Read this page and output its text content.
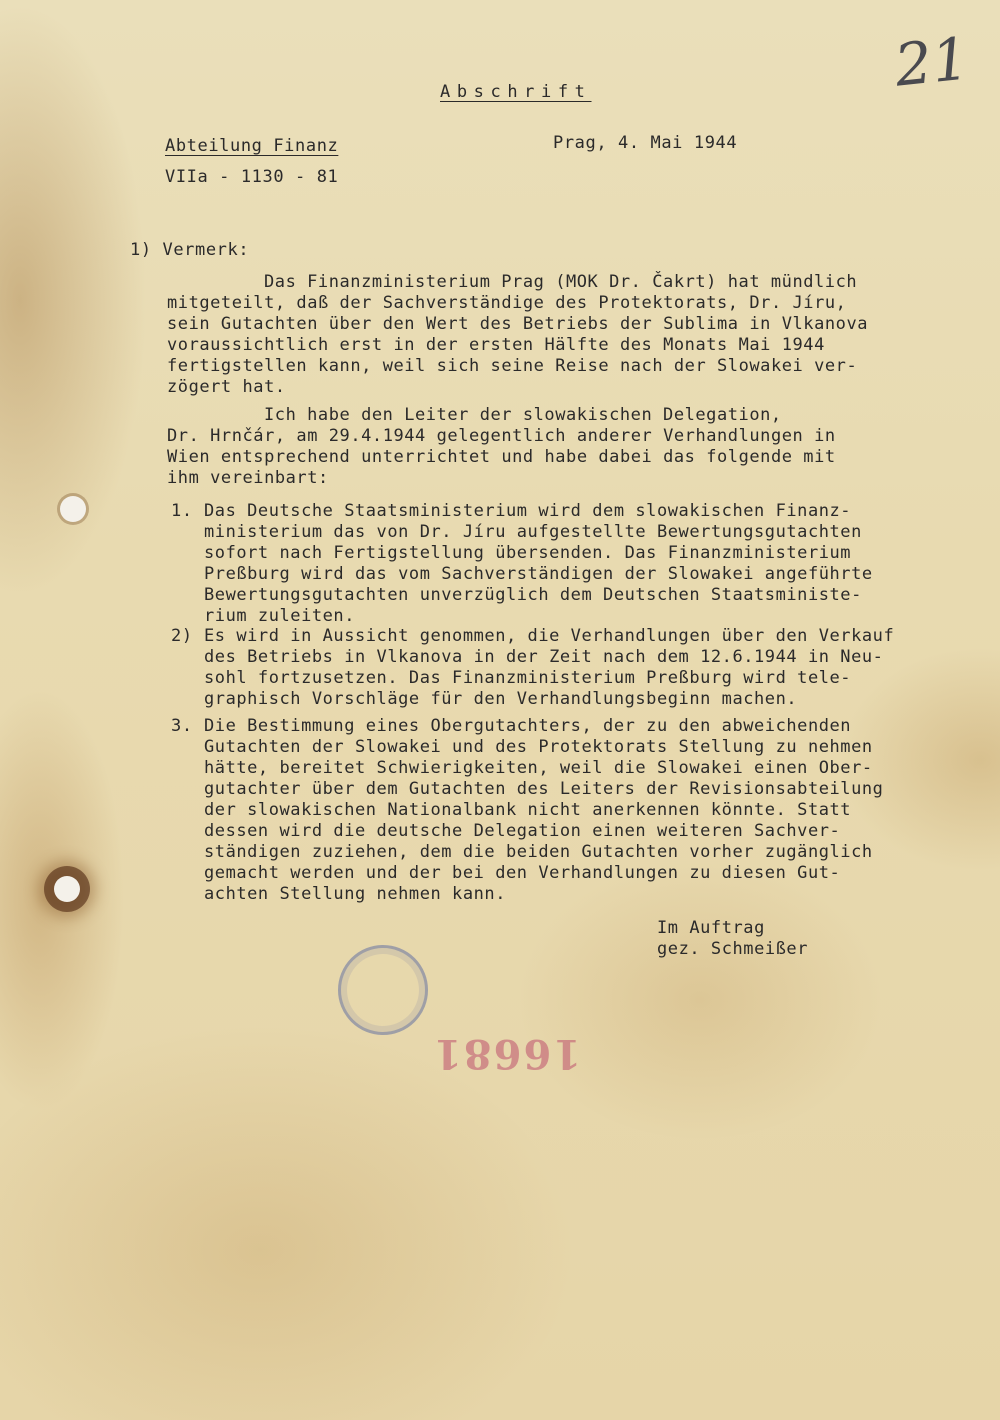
21
Abschrift
Abteilung Finanz
VIIa - 1130 - 81
Prag, 4. Mai 1944
1) Vermerk:
Das Finanzministerium Prag (MOK Dr. Čakrt) hat mündlich
mitgeteilt, daß der Sachverständige des Protektorats, Dr. Jíru,
sein Gutachten über den Wert des Betriebs der Sublima in Vlkanova
voraussichtlich erst in der ersten Hälfte des Monats Mai 1944
fertigstellen kann, weil sich seine Reise nach der Slowakei ver-
zögert hat.
Ich habe den Leiter der slowakischen Delegation,
Dr. Hrnčár, am 29.4.1944 gelegentlich anderer Verhandlungen in
Wien entsprechend unterrichtet und habe dabei das folgende mit
ihm vereinbart:
1. Das Deutsche Staatsministerium wird dem slowakischen Finanz-
ministerium das von Dr. Jíru aufgestellte Bewertungsgutachten
sofort nach Fertigstellung übersenden. Das Finanzministerium
Preßburg wird das vom Sachverständigen der Slowakei angeführte
Bewertungsgutachten unverzüglich dem Deutschen Staatsministe-
rium zuleiten.
2) Es wird in Aussicht genommen, die Verhandlungen über den Verkauf
des Betriebs in Vlkanova in der Zeit nach dem 12.6.1944 in Neu-
sohl fortzusetzen. Das Finanzministerium Preßburg wird tele-
graphisch Vorschläge für den Verhandlungsbeginn machen.
3. Die Bestimmung eines Obergutachters, der zu den abweichenden
Gutachten der Slowakei und des Protektorats Stellung zu nehmen
hätte, bereitet Schwierigkeiten, weil die Slowakei einen Ober-
gutachter über dem Gutachten des Leiters der Revisionsabteilung
der slowakischen Nationalbank nicht anerkennen könnte. Statt
dessen wird die deutsche Delegation einen weiteren Sachver-
ständigen zuziehen, dem die beiden Gutachten vorher zugänglich
gemacht werden und der bei den Verhandlungen zu diesen Gut-
achten Stellung nehmen kann.
Im Auftrag
gez. Schmeißer
16681
